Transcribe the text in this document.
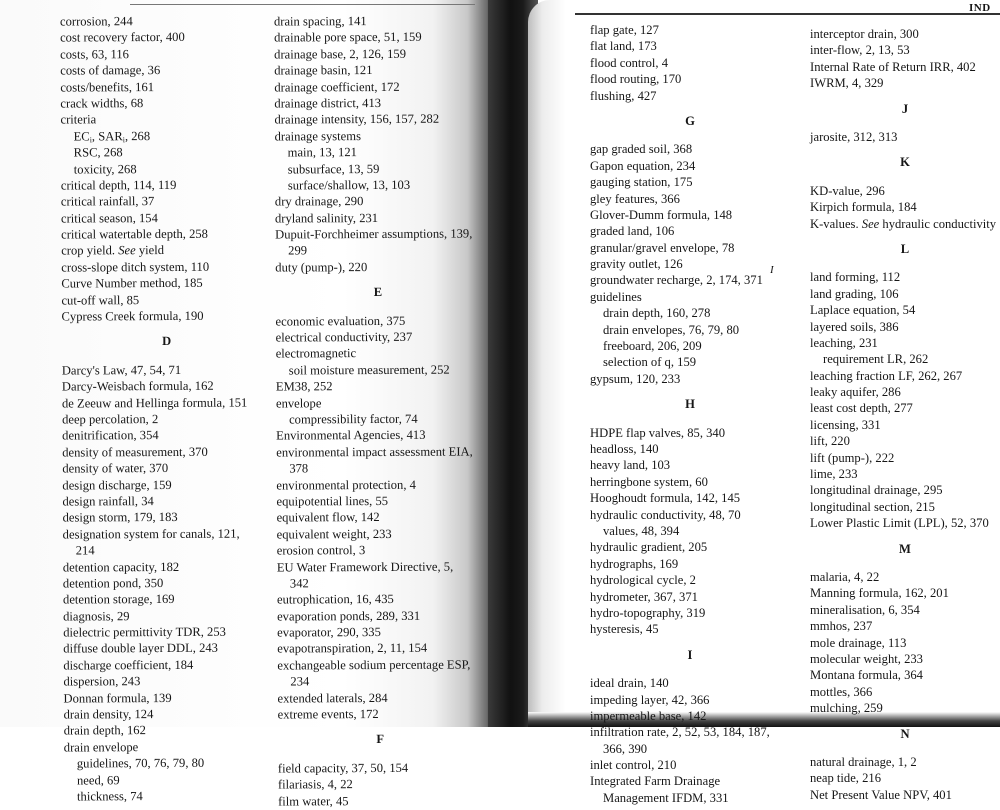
IND
I
corrosion, 244
cost recovery factor, 400
costs, 63, 116
costs of damage, 36
costs/benefits, 161
crack widths, 68
criteria
$EC_i$, $SAR_i$, 268
RSC, 268
toxicity, 268
critical depth, 114, 119
critical rainfall, 37
critical season, 154
critical watertable depth, 258
crop yield. See yield
cross-slope ditch system, 110
Curve Number method, 185
cut-off wall, 85
Cypress Creek formula, 190
D
Darcy's Law, 47, 54, 71
Darcy-Weisbach formula, 162
de Zeeuw and Hellinga formula, 151
deep percolation, 2
denitrification, 354
density of measurement, 370
density of water, 370
design discharge, 159
design rainfall, 34
design storm, 179, 183
designation system for canals, 121,
214
detention capacity, 182
detention pond, 350
detention storage, 169
diagnosis, 29
dielectric permittivity TDR, 253
diffuse double layer DDL, 243
discharge coefficient, 184
dispersion, 243
Donnan formula, 139
drain density, 124
drain depth, 162
drain envelope
guidelines, 70, 76, 79, 80
need, 69
thickness, 74
drain spacing, 141
drainable pore space, 51, 159
drainage base, 2, 126, 159
drainage basin, 121
drainage coefficient, 172
drainage district, 413
drainage intensity, 156, 157, 282
drainage systems
main, 13, 121
subsurface, 13, 59
surface/shallow, 13, 103
dry drainage, 290
dryland salinity, 231
Dupuit-Forchheimer assumptions, 139,
299
duty (pump-), 220
E
economic evaluation, 375
electrical conductivity, 237
electromagnetic
soil moisture measurement, 252
EM38, 252
envelope
compressibility factor, 74
Environmental Agencies, 413
environmental impact assessment EIA,
378
environmental protection, 4
equipotential lines, 55
equivalent flow, 142
equivalent weight, 233
erosion control, 3
EU Water Framework Directive, 5,
342
eutrophication, 16, 435
evaporation ponds, 289, 331
evaporator, 290, 335
evapotranspiration, 2, 11, 154
exchangeable sodium percentage ESP,
234
extended laterals, 284
extreme events, 172
F
field capacity, 37, 50, 154
filariasis, 4, 22
film water, 45
flap gate, 127
flat land, 173
flood control, 4
flood routing, 170
flushing, 427
G
gap graded soil, 368
Gapon equation, 234
gauging station, 175
gley features, 366
Glover-Dumm formula, 148
graded land, 106
granular/gravel envelope, 78
gravity outlet, 126
groundwater recharge, 2, 174, 371
guidelines
drain depth, 160, 278
drain envelopes, 76, 79, 80
freeboard, 206, 209
selection of q, 159
gypsum, 120, 233
H
HDPE flap valves, 85, 340
headloss, 140
heavy land, 103
herringbone system, 60
Hooghoudt formula, 142, 145
hydraulic conductivity, 48, 70
values, 48, 394
hydraulic gradient, 205
hydrographs, 169
hydrological cycle, 2
hydrometer, 367, 371
hydro-topography, 319
hysteresis, 45
I
ideal drain, 140
impeding layer, 42, 366
impermeable base, 142
infiltration rate, 2, 52, 53, 184, 187,
366, 390
inlet control, 210
Integrated Farm Drainage
Management IFDM, 331
interceptor drain, 300
inter-flow, 2, 13, 53
Internal Rate of Return IRR, 402
IWRM, 4, 329
J
jarosite, 312, 313
K
KD-value, 296
Kirpich formula, 184
K-values. See hydraulic conductivity
L
land forming, 112
land grading, 106
Laplace equation, 54
layered soils, 386
leaching, 231
requirement LR, 262
leaching fraction LF, 262, 267
leaky aquifer, 286
least cost depth, 277
licensing, 331
lift, 220
lift (pump-), 222
lime, 233
longitudinal drainage, 295
longitudinal section, 215
Lower Plastic Limit (LPL), 52, 370
M
malaria, 4, 22
Manning formula, 162, 201
mineralisation, 6, 354
mmhos, 237
mole drainage, 113
molecular weight, 233
Montana formula, 364
mottles, 366
mulching, 259
N
natural drainage, 1, 2
neap tide, 216
Net Present Value NPV, 401
